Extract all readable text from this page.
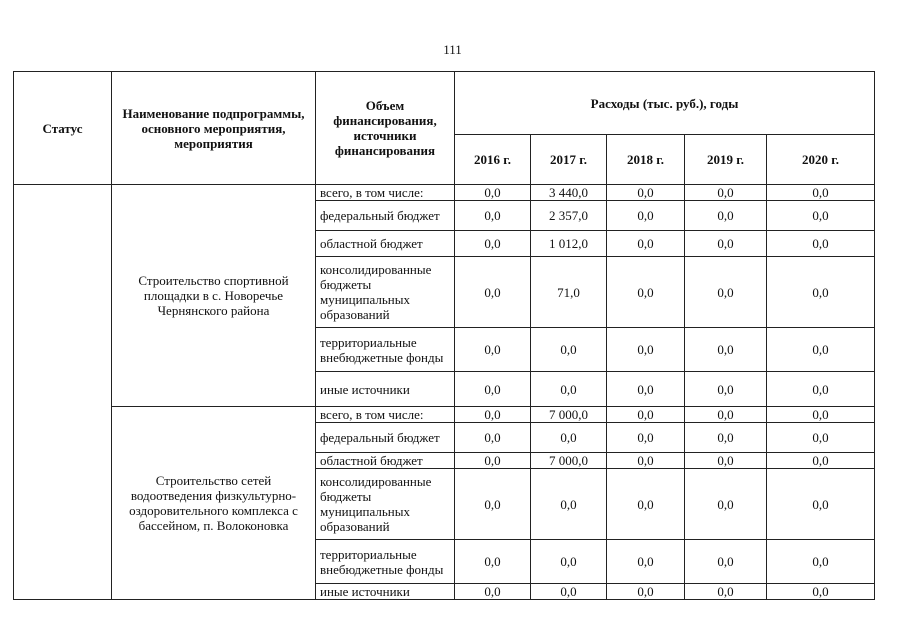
111
Статус	Наименование подпрограммы, основного мероприятия, мероприятия	Объем финансирования, источники финансирования	Расходы (тыс. руб.), годы				
			2016 г.	2017 г.	2018 г.	2019 г.	2020 г.
	Строительство спортивной площадки в с. Новоречье Чернянского района	всего, в том числе:	0,0	3 440,0	0,0	0,0	0,0
		федеральный бюджет	0,0	2 357,0	0,0	0,0	0,0
		областной бюджет	0,0	1 012,0	0,0	0,0	0,0
		консолидированные бюджеты муниципальных образований	0,0	71,0	0,0	0,0	0,0
		территориальные внебюджетные фонды	0,0	0,0	0,0	0,0	0,0
		иные источники	0,0	0,0	0,0	0,0	0,0
	Строительство сетей водоотведения физкультурно-оздоровительного комплекса с бассейном, п. Волоконовка	всего, в том числе:	0,0	7 000,0	0,0	0,0	0,0
		федеральный бюджет	0,0	0,0	0,0	0,0	0,0
		областной бюджет	0,0	7 000,0	0,0	0,0	0,0
		консолидированные бюджеты муниципальных образований	0,0	0,0	0,0	0,0	0,0
		территориальные внебюджетные фонды	0,0	0,0	0,0	0,0	0,0
		иные источники	0,0	0,0	0,0	0,0	0,0
